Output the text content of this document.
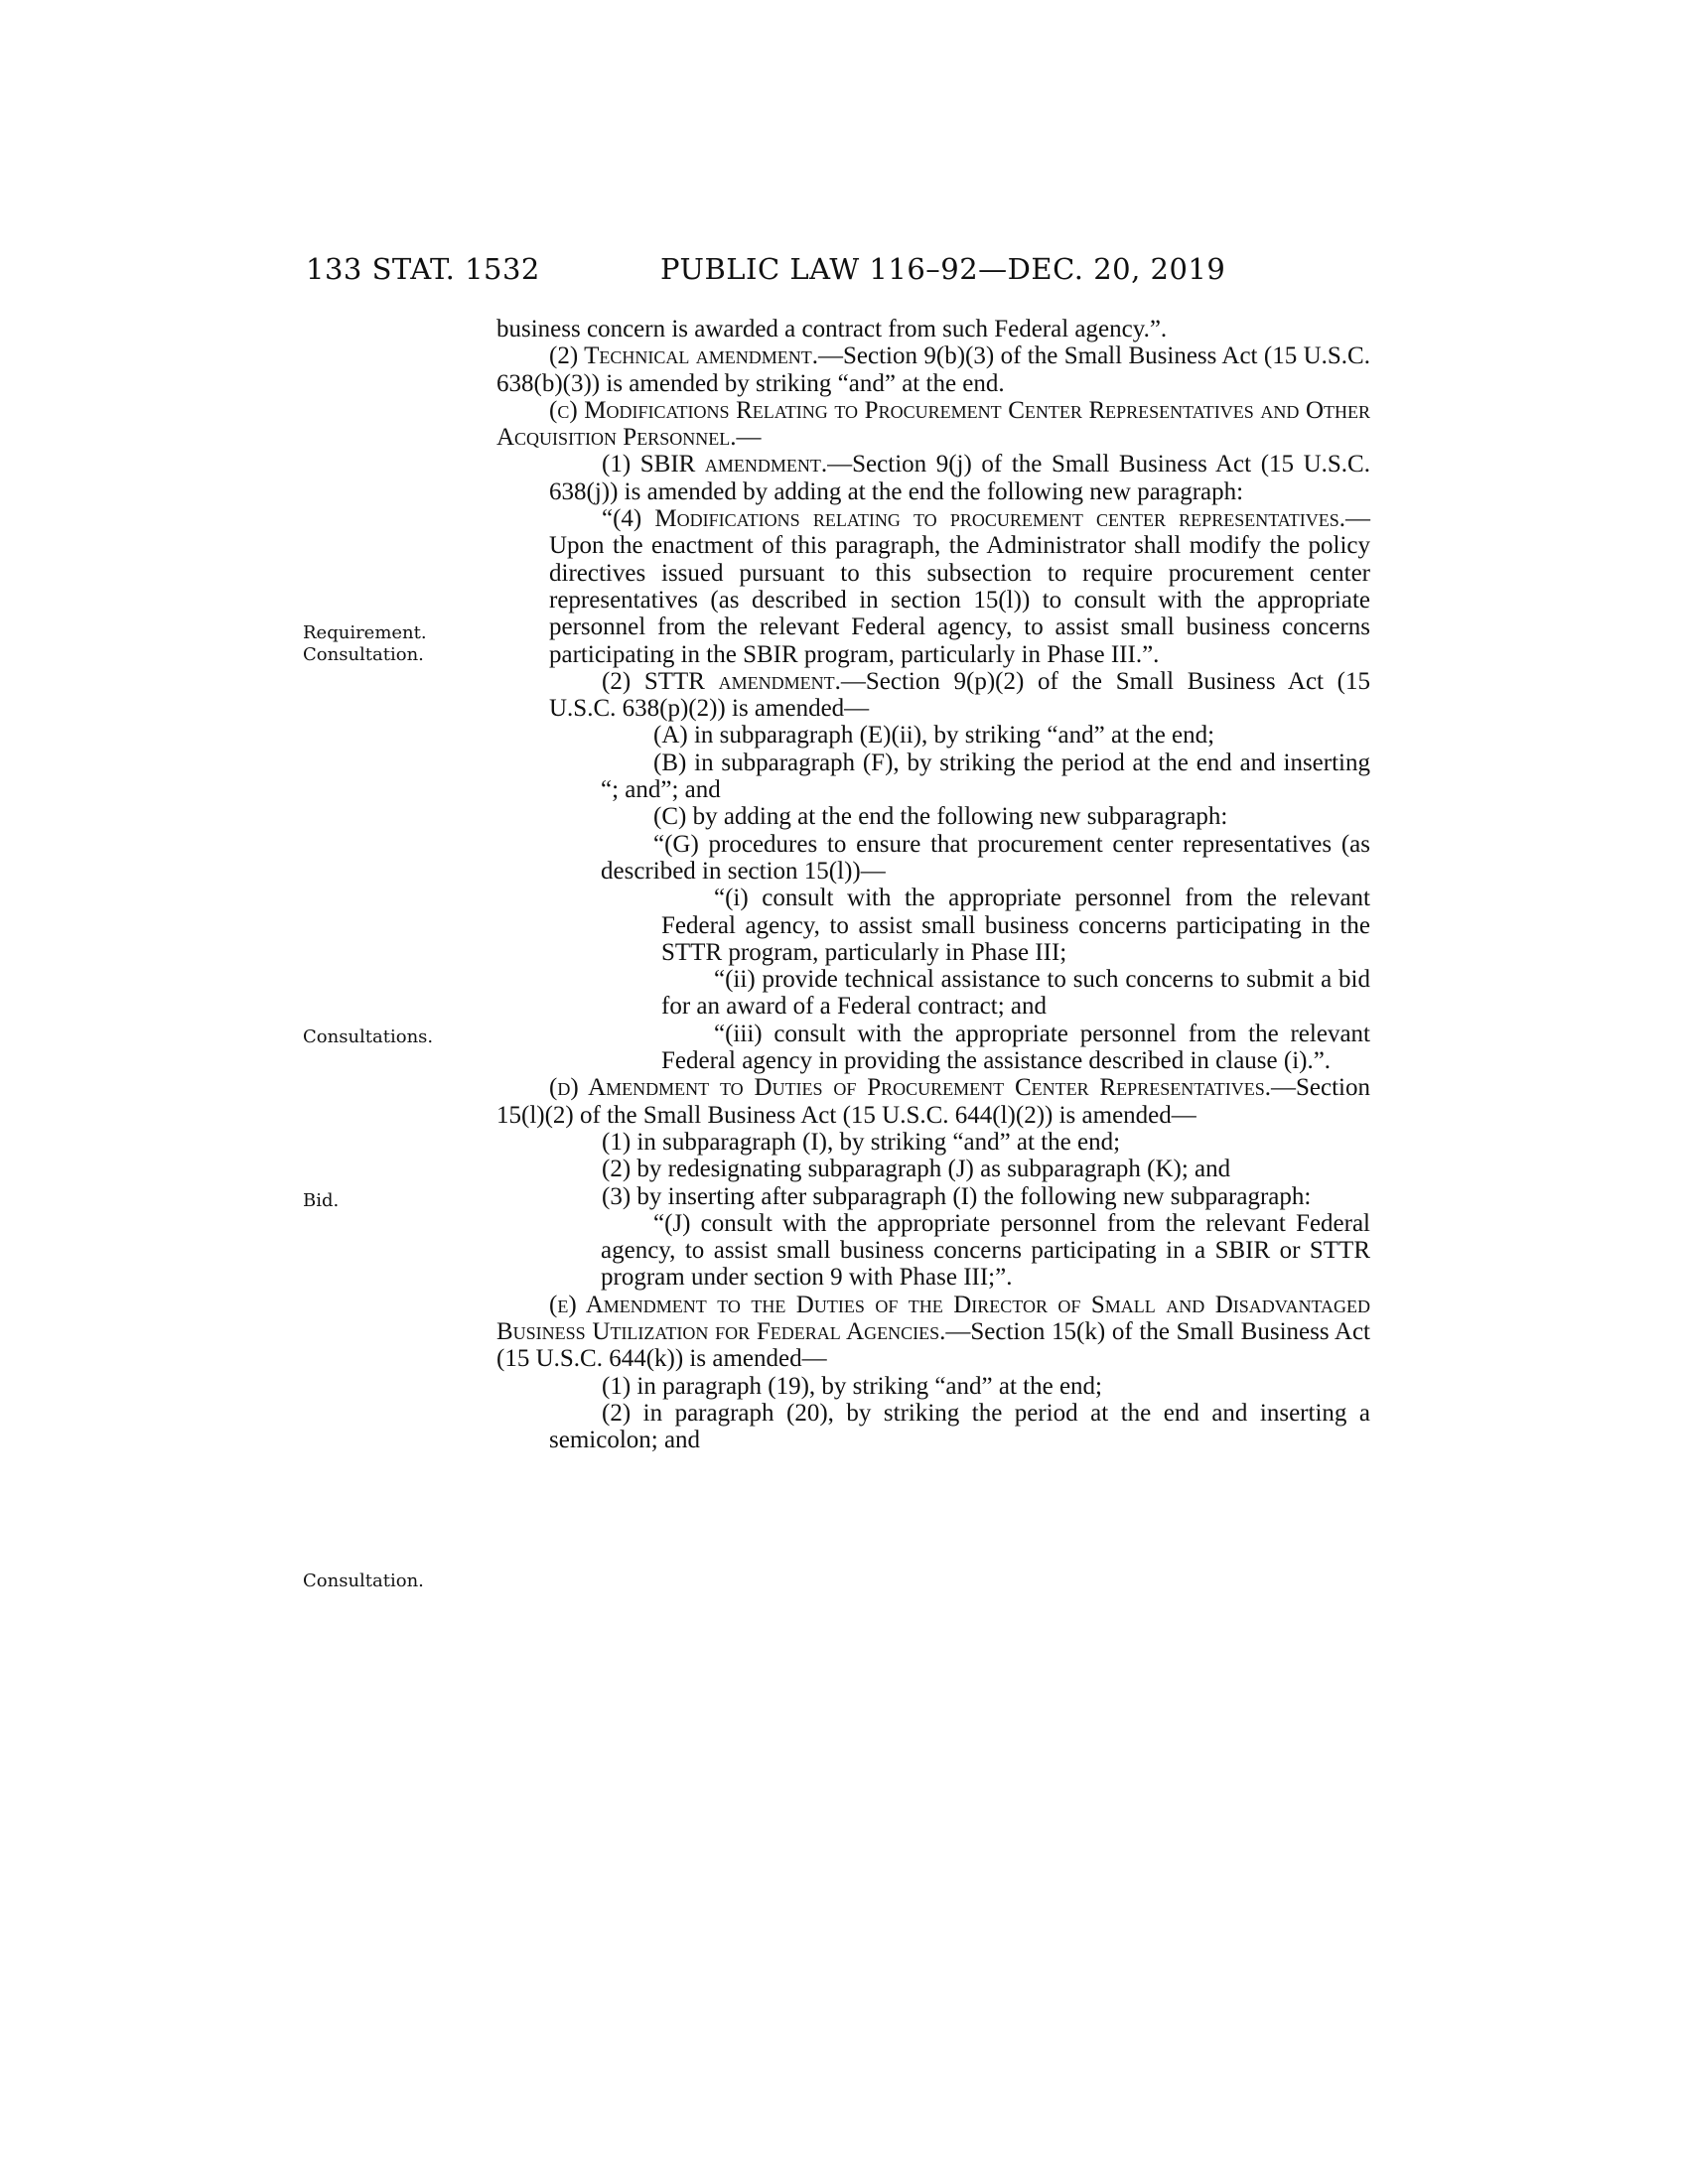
133 STAT. 1532	PUBLIC LAW 116–92—DEC. 20, 2019
Requirement.
Consultation.
Consultations.
Bid.
Consultation.

business concern is awarded a contract from such Federal agency.”.

(2) Technical amendment.—Section 9(b)(3) of the Small Business Act (15 U.S.C. 638(b)(3)) is amended by striking “and” at the end.

(c) Modifications Relating to Procurement Center Representatives and Other Acquisition Personnel.—

(1) SBIR amendment.—Section 9(j) of the Small Business Act (15 U.S.C. 638(j)) is amended by adding at the end the following new paragraph:

“(4) Modifications relating to procurement center representatives.—Upon the enactment of this paragraph, the Administrator shall modify the policy directives issued pursuant to this subsection to require procurement center representatives (as described in section 15(l)) to consult with the appropriate personnel from the relevant Federal agency, to assist small business concerns participating in the SBIR program, particularly in Phase III.”.

(2) STTR amendment.—Section 9(p)(2) of the Small Business Act (15 U.S.C. 638(p)(2)) is amended—

(A) in subparagraph (E)(ii), by striking “and” at the end;

(B) in subparagraph (F), by striking the period at the end and inserting “; and”; and

(C) by adding at the end the following new subparagraph:

“(G) procedures to ensure that procurement center representatives (as described in section 15(l))—

“(i) consult with the appropriate personnel from the relevant Federal agency, to assist small business concerns participating in the STTR program, particularly in Phase III;

“(ii) provide technical assistance to such concerns to submit a bid for an award of a Federal contract; and

“(iii) consult with the appropriate personnel from the relevant Federal agency in providing the assistance described in clause (i).”.

(d) Amendment to Duties of Procurement Center Representatives.—Section 15(l)(2) of the Small Business Act (15 U.S.C. 644(l)(2)) is amended—

(1) in subparagraph (I), by striking “and” at the end;

(2) by redesignating subparagraph (J) as subparagraph (K); and

(3) by inserting after subparagraph (I) the following new subparagraph:

“(J) consult with the appropriate personnel from the relevant Federal agency, to assist small business concerns participating in a SBIR or STTR program under section 9 with Phase III;”.

(e) Amendment to the Duties of the Director of Small and Disadvantaged Business Utilization for Federal Agencies.—Section 15(k) of the Small Business Act (15 U.S.C. 644(k)) is amended—

(1) in paragraph (19), by striking “and” at the end;

(2) in paragraph (20), by striking the period at the end and inserting a semicolon; and
